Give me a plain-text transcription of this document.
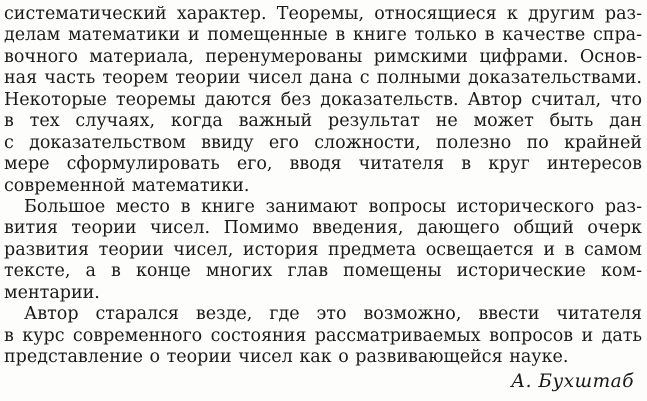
систематический характер. Теоремы, относящиеся к другим раз-
делам математики и помещенные в книге только в качестве спра-
вочного материала, перенумерованы римскими цифрами. Основ-
ная часть теорем теории чисел дана с полными доказательствами.
Некоторые теоремы даются без доказательств. Автор считал, что
в тех случаях, когда важный результат не может быть дан
с доказательством ввиду его сложности, полезно по крайней
мере сформулировать его, вводя читателя в круг интересов
современной математики.
Большое место в книге занимают вопросы исторического раз-
вития теории чисел. Помимо введения, дающего общий очерк
развития теории чисел, история предмета освещается и в самом
тексте, а в конце многих глав помещены исторические ком-
ментарии.
Автор старался везде, где это возможно, ввести читателя
в курс современного состояния рассматриваемых вопросов и дать
представление о теории чисел как о развивающейся науке.
А. Бухштаб
